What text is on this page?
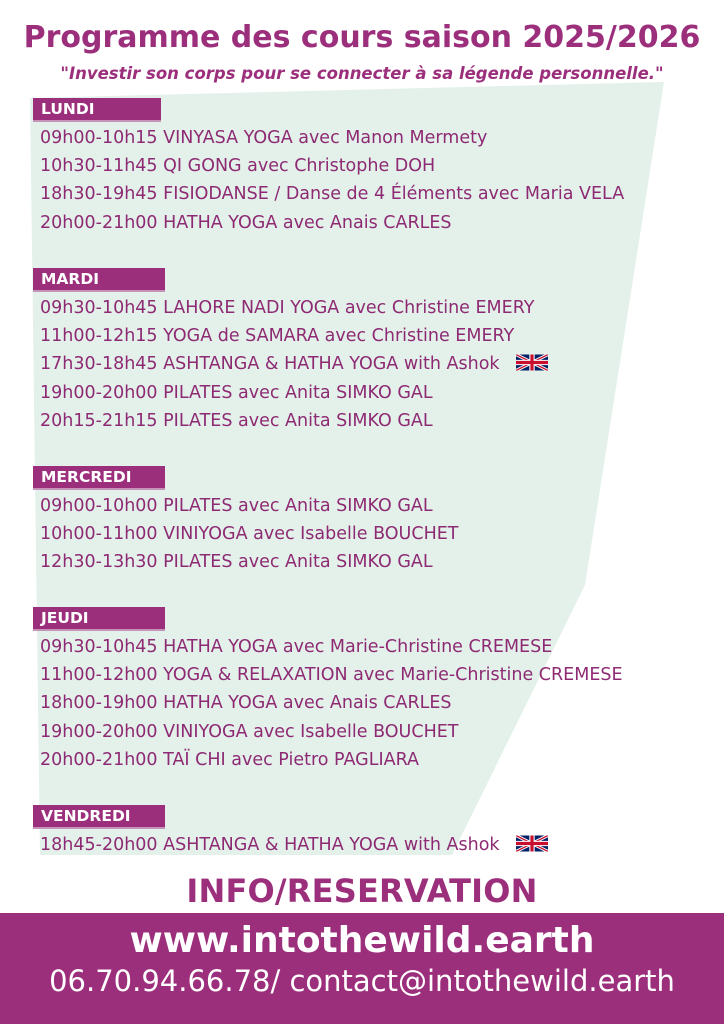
Programme des cours saison 2025/2026
"Investir son corps pour se connecter à sa légende personnelle."
LUNDI
09h00-10h15 VINYASA YOGA avec Manon Mermety
10h30-11h45 QI GONG avec Christophe DOH
18h30-19h45 FISIODANSE / Danse de 4 Éléments avec Maria VELA
20h00-21h00 HATHA YOGA avec Anais CARLES
MARDI
09h30-10h45 LAHORE NADI YOGA avec Christine EMERY
11h00-12h15 YOGA de SAMARA avec Christine EMERY
17h30-18h45 ASHTANGA & HATHA YOGA with Ashok
19h00-20h00 PILATES avec Anita SIMKO GAL
20h15-21h15 PILATES avec Anita SIMKO GAL
MERCREDI
09h00-10h00 PILATES avec Anita SIMKO GAL
10h00-11h00 VINIYOGA avec Isabelle BOUCHET
12h30-13h30 PILATES avec Anita SIMKO GAL
JEUDI
09h30-10h45 HATHA YOGA avec Marie-Christine CREMESE
11h00-12h00 YOGA & RELAXATION avec Marie-Christine CREMESE
18h00-19h00 HATHA YOGA avec Anais CARLES
19h00-20h00 VINIYOGA avec Isabelle BOUCHET
20h00-21h00 TAÏ CHI avec Pietro PAGLIARA
VENDREDI
18h45-20h00 ASHTANGA & HATHA YOGA with Ashok
INFO/RESERVATION
www.intothewild.earth
06.70.94.66.78/ contact@intothewild.earth
